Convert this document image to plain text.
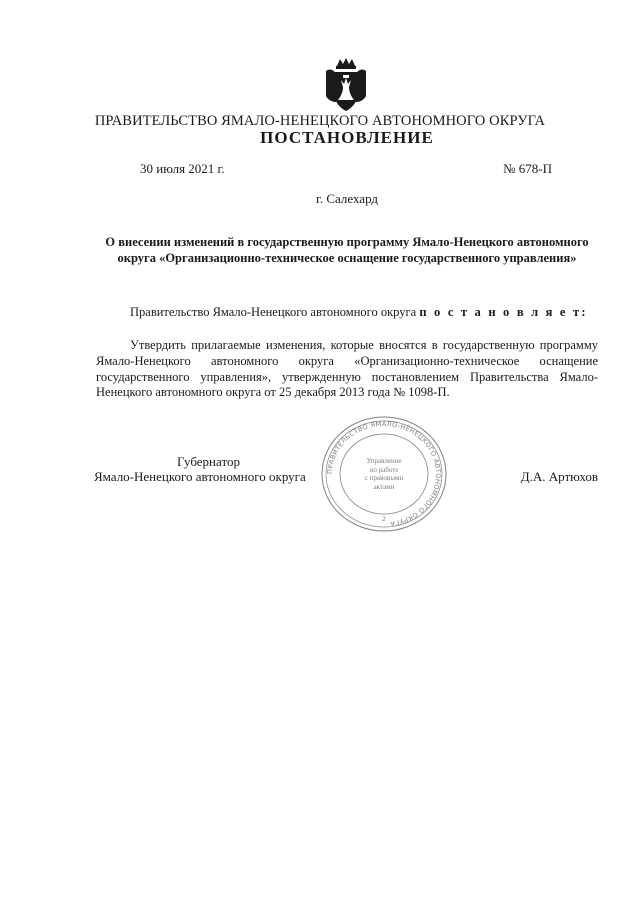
ПРАВИТЕЛЬСТВО ЯМАЛО-НЕНЕЦКОГО АВТОНОМНОГО ОКРУГА
ПОСТАНОВЛЕНИЕ
30 июля 2021 г.	№ 678-П
г. Салехард
О внесении изменений в государственную программу Ямало-Ненецкого автономного округа «Организационно-техническое оснащение государственного управления»
Правительство Ямало-Ненецкого автономного округа п о с т а н о в л я е т:
Утвердить прилагаемые изменения, которые вносятся в государственную программу Ямало-Ненецкого автономного округа «Организационно-техническое оснащение государственного управления», утвержденную постановлением Правительства Ямало-Ненецкого автономного округа от 25 декабря 2013 года № 1098-П.
Губернатор
Ямало-Ненецкого автономного округа	Д.А. Артюхов
ПРАВИТЕЛЬСТВО ЯМАЛО-НЕНЕЦКОГО АВТОНОМНОГО ОКРУГА
2
Управление
по работе
с правовыми
актами
